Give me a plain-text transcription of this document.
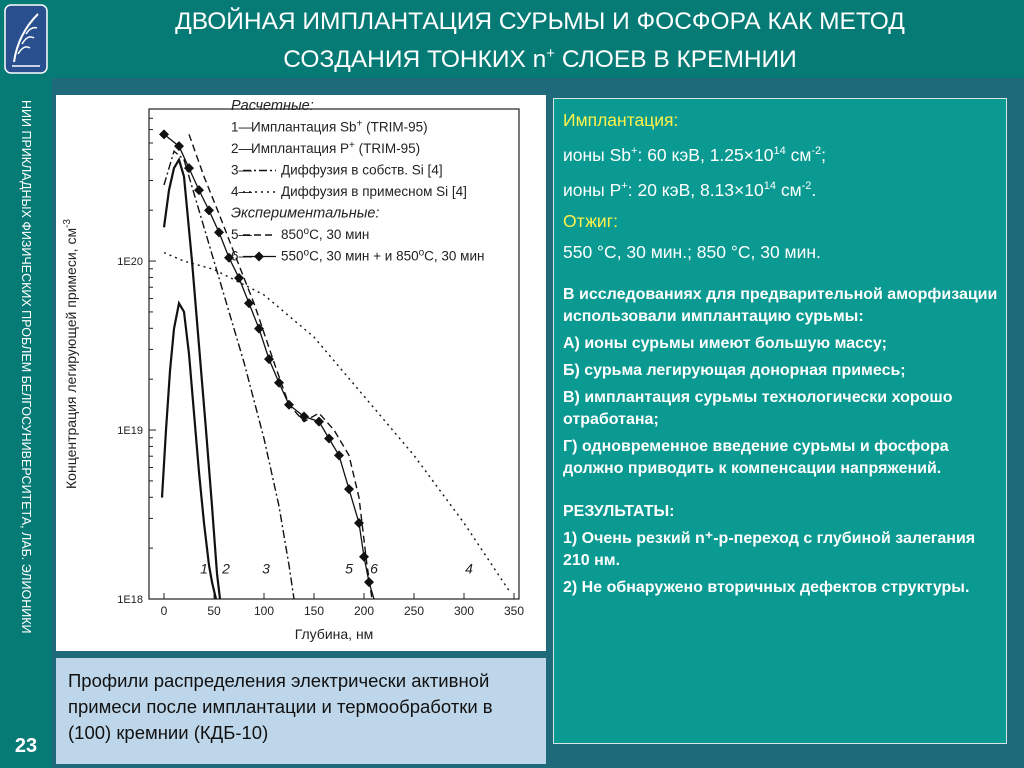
НИИ ПРИКЛАДНЫХ ФИЗИЧЕСКИХ ПРОБЛЕМ БЕЛГОСУНИВЕРСИТЕТА, ЛАБ. ЭЛИОНИКИ
23
ДВОЙНАЯ ИМПЛАНТАЦИЯ СУРЬМЫ И ФОСФОРА КАК МЕТОД
СОЗДАНИЯ ТОНКИХ n+ СЛОЕВ В КРЕМНИИ
0	50	100 150 200 250 300 350
1E18
1E19
1E20
Глубина, нм
Концентрация легирующей примеси, $см^{-3}$
1 2 3	5 6	4
Расчетные:
1—
Имплантация Sb+ (TRIM-95)
2—
Имплантация P+ (TRIM-95)
3— Диффузия в собств. Si [4]
4— Диффузия в примесном Si [4]
Экспериментальные:
5— 850$^o$C, 30 мин
6— 550$^o$C, 30 мин + и 850$^o$C, 30 мин
Профили распределения электрически активной примеси после имплантации и термообработки в (100) кремнии (КДБ-10)
Имплантация:
ионы Sb+: 60 кэВ, $1.25\times 10^{14}$ $см^{-2}$;
ионы P+: 20 кэВ, $8.13\times 10^{14}$ $см^{-2}$.
Отжиг:
550 °С, 30 мин.; 850 °С, 30 мин.
В исследованиях для предварительной аморфизации использовали имплантацию сурьмы:
А) ионы сурьмы имеют большую массу;
Б) сурьма легирующая донорная примесь;
В) имплантация сурьмы технологически хорошо отработана;
Г) одновременное введение сурьмы и фосфора должно приводить к компенсации напряжений.
РЕЗУЛЬТАТЫ:
1) Очень резкий n⁺-р-переход с глубиной залегания 210 нм.
2) Не обнаружено вторичных дефектов структуры.
